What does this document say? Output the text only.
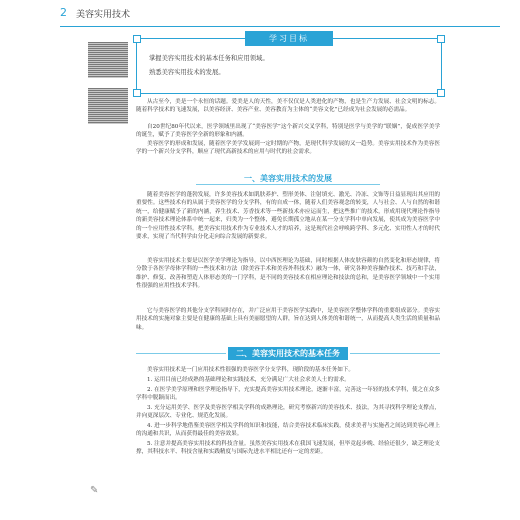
2 美容实用技术
学习目标
掌握美容实用技术的基本任务和应用领域。
熟悉美容实用技术的发展。
从古至今，美是一个永恒的话题。爱美是人的天性，美不仅仅是人类进化的产物，也是生产力发展、社会文明的标志。随着科学技术的飞速发展，以美容经济、美容产业、美容教育为主体的“美容文化”已经成为社会发展的必需品。
自20世纪80年代以来，医学领域里出现了“美容医学”这个新兴交叉学科，特别是医学与美学的“联姻”，促成医学美学的诞生，赋予了美容医学全新的形象和内涵。
美容医学的形成和发展，随着医学美学发展到一定时期的产物，是现代科学发展的又一趋势。美容实用技术作为美容医学的一个新兴分支学科，顺应了现代高新技术的应用与时代的社会需求。
一、美容实用技术的发展
随着美容医学的蓬勃发展，许多美容技术如肌肤养护、塑形美体、注射填充、激光、冷冻、文饰等日益显现出其应用的重要性。这些技术有的从属于美容医学的分支学科，有的自成一体，随着人们美容观念的转变，人与社会、人与自然的和谐统一，给健康赋予了新的内涵，养生技术、芳香技术等一些新技术亦应运而生，把这些推广的技术，形成用现代理论作指导的新美容技术理论体系中统一起来，归类为一个整体，避免长期孤立地从在某一分支学科中单向发展，使其成为美容医学中的一个应用性技术学科。把美容实用技术作为专业技术人才的培养，这是现代社会呼唤跨学科、多元化、实用性人才的时代要求，实现了当代科学由分化走向综合发展的新要求。
美容实用技术主要是以医学美学理论为指导，以中西医理论为基础，同时根据人体皮肤容颜的自然变化和形态规律，将分散于各医学母体学科的一些技术和方法（除美容手术和美容外科技术）融为一体，研究各种美容操作技术、技巧和手法，维护、修复、改善和塑造人体形态美的一门学科，是不同的美容技术在相应理论和技法的总和，是美容医学领域中一个实用性很强的应用性技术学科。
它与美容医学的其他分支学科同时存在，并广泛应用于美容医学实践中，是美容医学整体学科的重要组成部分。美容实用技术的实施对象主要是在健康的基础上具有美丽愿望的人群，旨在达到人体美的和谐统一，从而提高人类生活的质量和品味。
二、美容实用技术的基本任务
美容实用技术是一门应用技术性很强的美容医学分支学科，现阶段的基本任务如下。
1. 运用目前已经成熟的基础理论和实践技术，充分满足广大社会求美人士的需求。
2. 在医学美学原理和医学理论指导下，充实提高美容实用技术理论，逐渐丰富，完善这一年轻的技术学科，使之在众多学科中脱颖而出。
3. 充分运用美学、医学及美容医学相关学科的成熟理论，研究考察新兴的美容技术、技法，为其寻找科学理论支撑点，并向更深层次、专业化、规范化发展。
4. 进一步科学地借鉴美容医学相关学科的知识和技能，结合美容技术临床实践，使求美者与实施者之间达到美容心理上的沟通和共识，从而获得最佳的美容效果。
5. 注意并提高美容实用技术的科技含量。虽然美容实用技术在我国飞速发展，但毕竟起步晚、经验还很少，缺乏理论支撑，其科技水平、科技含量和实践精度与国际先进水平相比还有一定的差距。
✎
